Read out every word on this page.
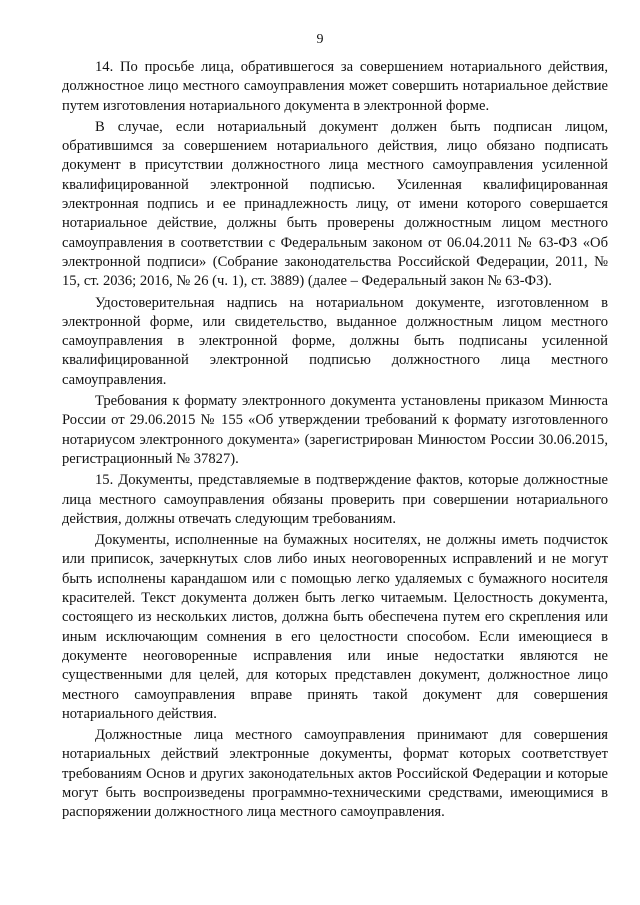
9

14. По просьбе лица, обратившегося за совершением нотариального действия, должностное лицо местного самоуправления может совершить нотариальное действие путем изготовления нотариального документа в электронной форме.

В случае, если нотариальный документ должен быть подписан лицом, обратившимся за совершением нотариального действия, лицо обязано подписать документ в присутствии должностного лица местного самоуправления усиленной квалифицированной электронной подписью. Усиленная квалифицированная электронная подпись и ее принадлежность лицу, от имени которого совершается нотариальное действие, должны быть проверены должностным лицом местного самоуправления в соответствии с Федеральным законом от 06.04.2011 № 63-ФЗ «Об электронной подписи» (Собрание законодательства Российской Федерации, 2011, № 15, ст. 2036; 2016, № 26 (ч. 1), ст. 3889) (далее – Федеральный закон № 63-ФЗ).

Удостоверительная надпись на нотариальном документе, изготовленном в электронной форме, или свидетельство, выданное должностным лицом местного самоуправления в электронной форме, должны быть подписаны усиленной квалифицированной электронной подписью должностного лица местного самоуправления.

Требования к формату электронного документа установлены приказом Минюста России от 29.06.2015 № 155 «Об утверждении требований к формату изготовленного нотариусом электронного документа» (зарегистрирован Минюстом России 30.06.2015, регистрационный № 37827).

15. Документы, представляемые в подтверждение фактов, которые должностные лица местного самоуправления обязаны проверить при совершении нотариального действия, должны отвечать следующим требованиям.

Документы, исполненные на бумажных носителях, не должны иметь подчисток или приписок, зачеркнутых слов либо иных неоговоренных исправлений и не могут быть исполнены карандашом или с помощью легко удаляемых с бумажного носителя красителей. Текст документа должен быть легко читаемым. Целостность документа, состоящего из нескольких листов, должна быть обеспечена путем его скрепления или иным исключающим сомнения в его целостности способом. Если имеющиеся в документе неоговоренные исправления или иные недостатки являются не существенными для целей, для которых представлен документ, должностное лицо местного самоуправления вправе принять такой документ для совершения нотариального действия.

Должностные лица местного самоуправления принимают для совершения нотариальных действий электронные документы, формат которых соответствует требованиям Основ и других законодательных актов Российской Федерации и которые могут быть воспроизведены программно-техническими средствами, имеющимися в распоряжении должностного лица местного самоуправления.
